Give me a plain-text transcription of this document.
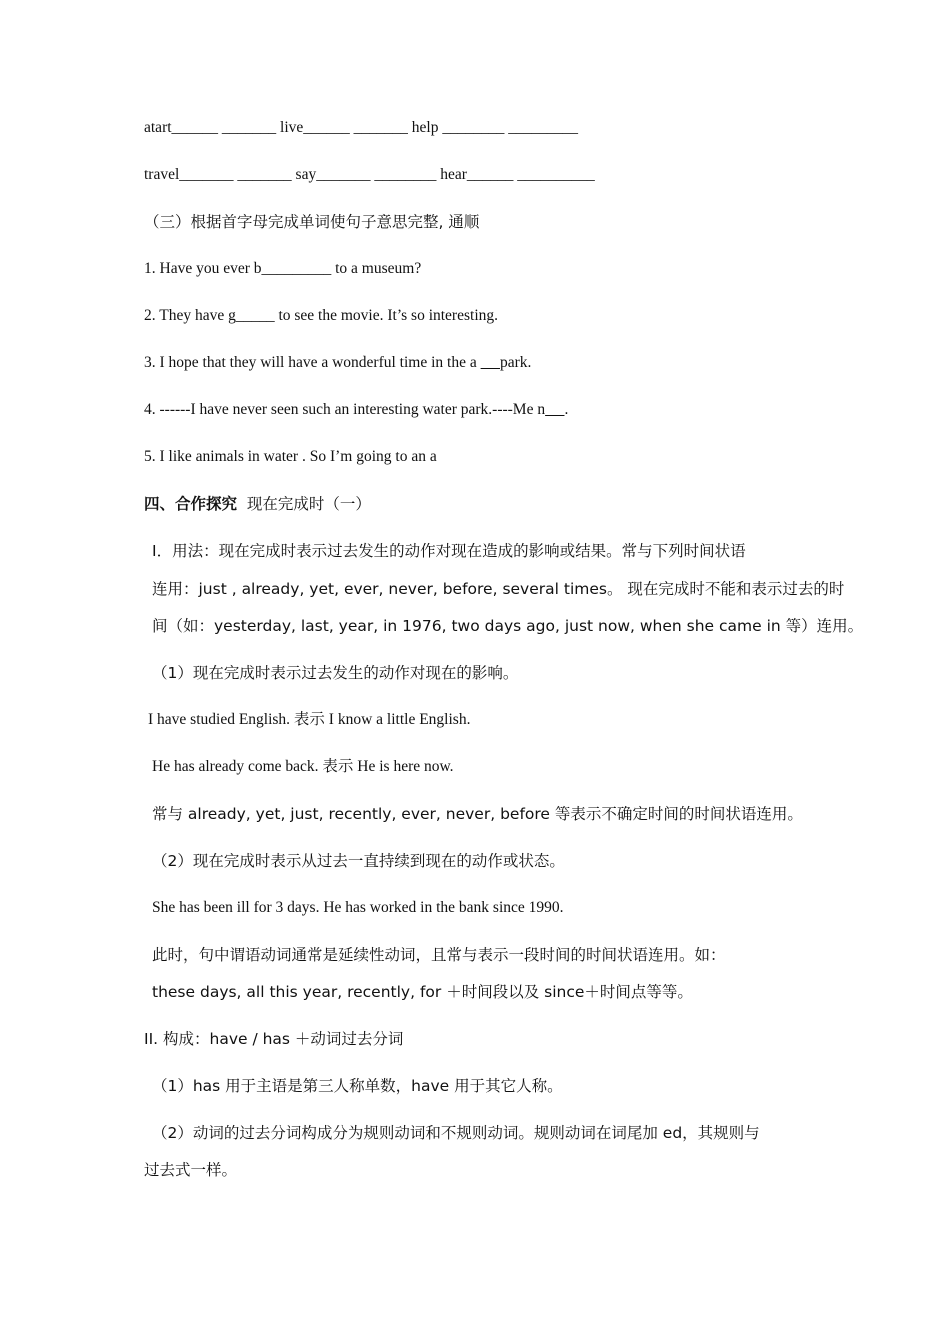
atart______ _______ live______ _______ help ________ _________
travel_______ _______ say_______ ________ hear______ __________
（三）根据首字母完成单词使句子意思完整, 通顺
1. Have you ever b_________ to a museum?
2. They have g_____ to see the movie. It’s so interesting.
3. I hope that they will have a wonderful time in the a      park.
4. ------I have never seen such an interesting water park.----Me n .
5. I like animals in water . So I’m going to an a
四、合作探究  现在完成时（一）
I．用法：现在完成时表示过去发生的动作对现在造成的影响或结果。常与下列时间状语
连用：just , already, yet, ever, never, before, several times。 现在完成时不能和表示过去的时
间（如：yesterday, last, year, in 1976, two days ago, just now, when she came in 等）连用。
（1）现在完成时表示过去发生的动作对现在的影响。
I have studied English. 表示 I know a little English.
He has already come back. 表示 He is here now.
常与 already, yet, just, recently, ever, never, before 等表示不确定时间的时间状语连用。
（2）现在完成时表示从过去一直持续到现在的动作或状态。
She has been ill for 3 days. He has worked in the bank since 1990.
此时，句中谓语动词通常是延续性动词，且常与表示一段时间的时间状语连用。如：
these days, all this year, recently, for ＋时间段以及 since＋时间点等等。
II. 构成：have / has ＋动词过去分词
（1）has 用于主语是第三人称单数，have 用于其它人称。
（2）动词的过去分词构成分为规则动词和不规则动词。规则动词在词尾加 ed，其规则与
过去式一样。
